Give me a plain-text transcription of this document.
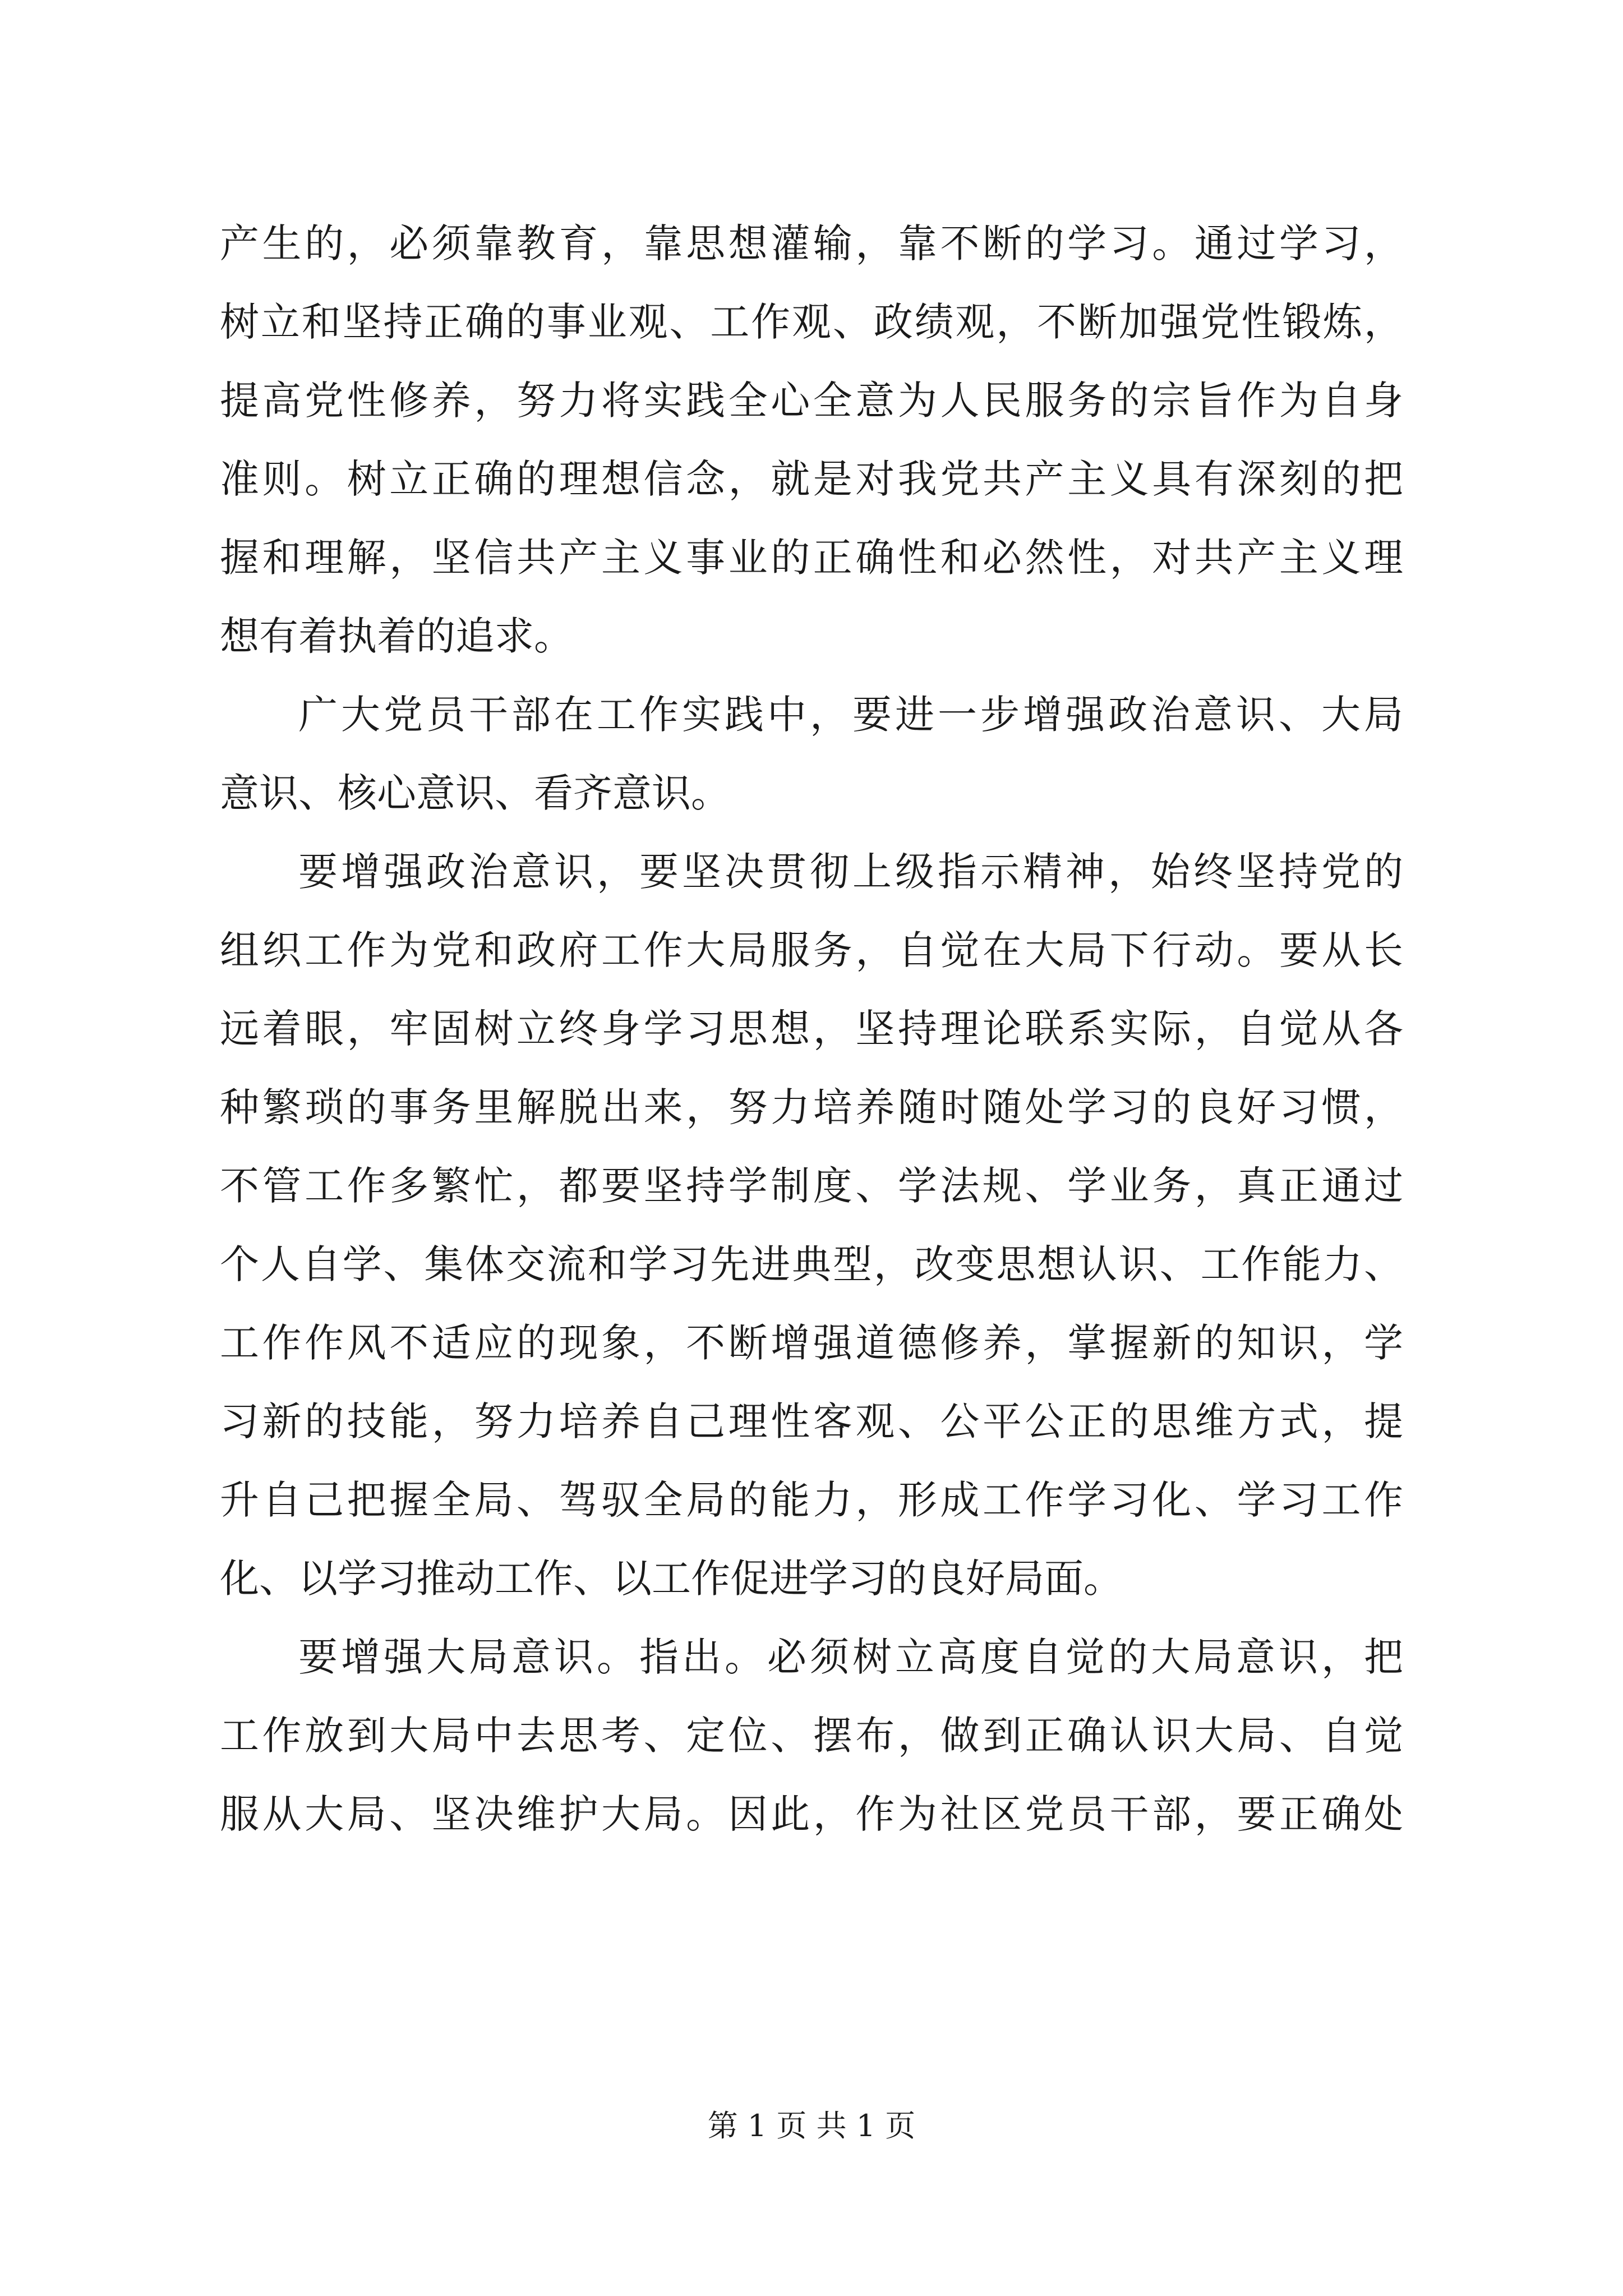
产生的，必须靠教育，靠思想灌输，靠不断的学习。通过学习，
树立和坚持正确的事业观、工作观、政绩观，不断加强党性锻炼，
提高党性修养，努力将实践全心全意为人民服务的宗旨作为自身
准则。树立正确的理想信念，就是对我党共产主义具有深刻的把
握和理解，坚信共产主义事业的正确性和必然性，对共产主义理
想有着执着的追求。
广大党员干部在工作实践中，要进一步增强政治意识、大局
意识、核心意识、看齐意识。
要增强政治意识，要坚决贯彻上级指示精神，始终坚持党的
组织工作为党和政府工作大局服务，自觉在大局下行动。要从长
远着眼，牢固树立终身学习思想，坚持理论联系实际，自觉从各
种繁琐的事务里解脱出来，努力培养随时随处学习的良好习惯，
不管工作多繁忙，都要坚持学制度、学法规、学业务，真正通过
个人自学、集体交流和学习先进典型，改变思想认识、工作能力、
工作作风不适应的现象，不断增强道德修养，掌握新的知识，学
习新的技能，努力培养自己理性客观、公平公正的思维方式，提
升自己把握全局、驾驭全局的能力，形成工作学习化、学习工作
化、以学习推动工作、以工作促进学习的良好局面。
要增强大局意识。指出。必须树立高度自觉的大局意识，把
工作放到大局中去思考、定位、摆布，做到正确认识大局、自觉
服从大局、坚决维护大局。因此，作为社区党员干部，要正确处
第 1 页 共 1 页
